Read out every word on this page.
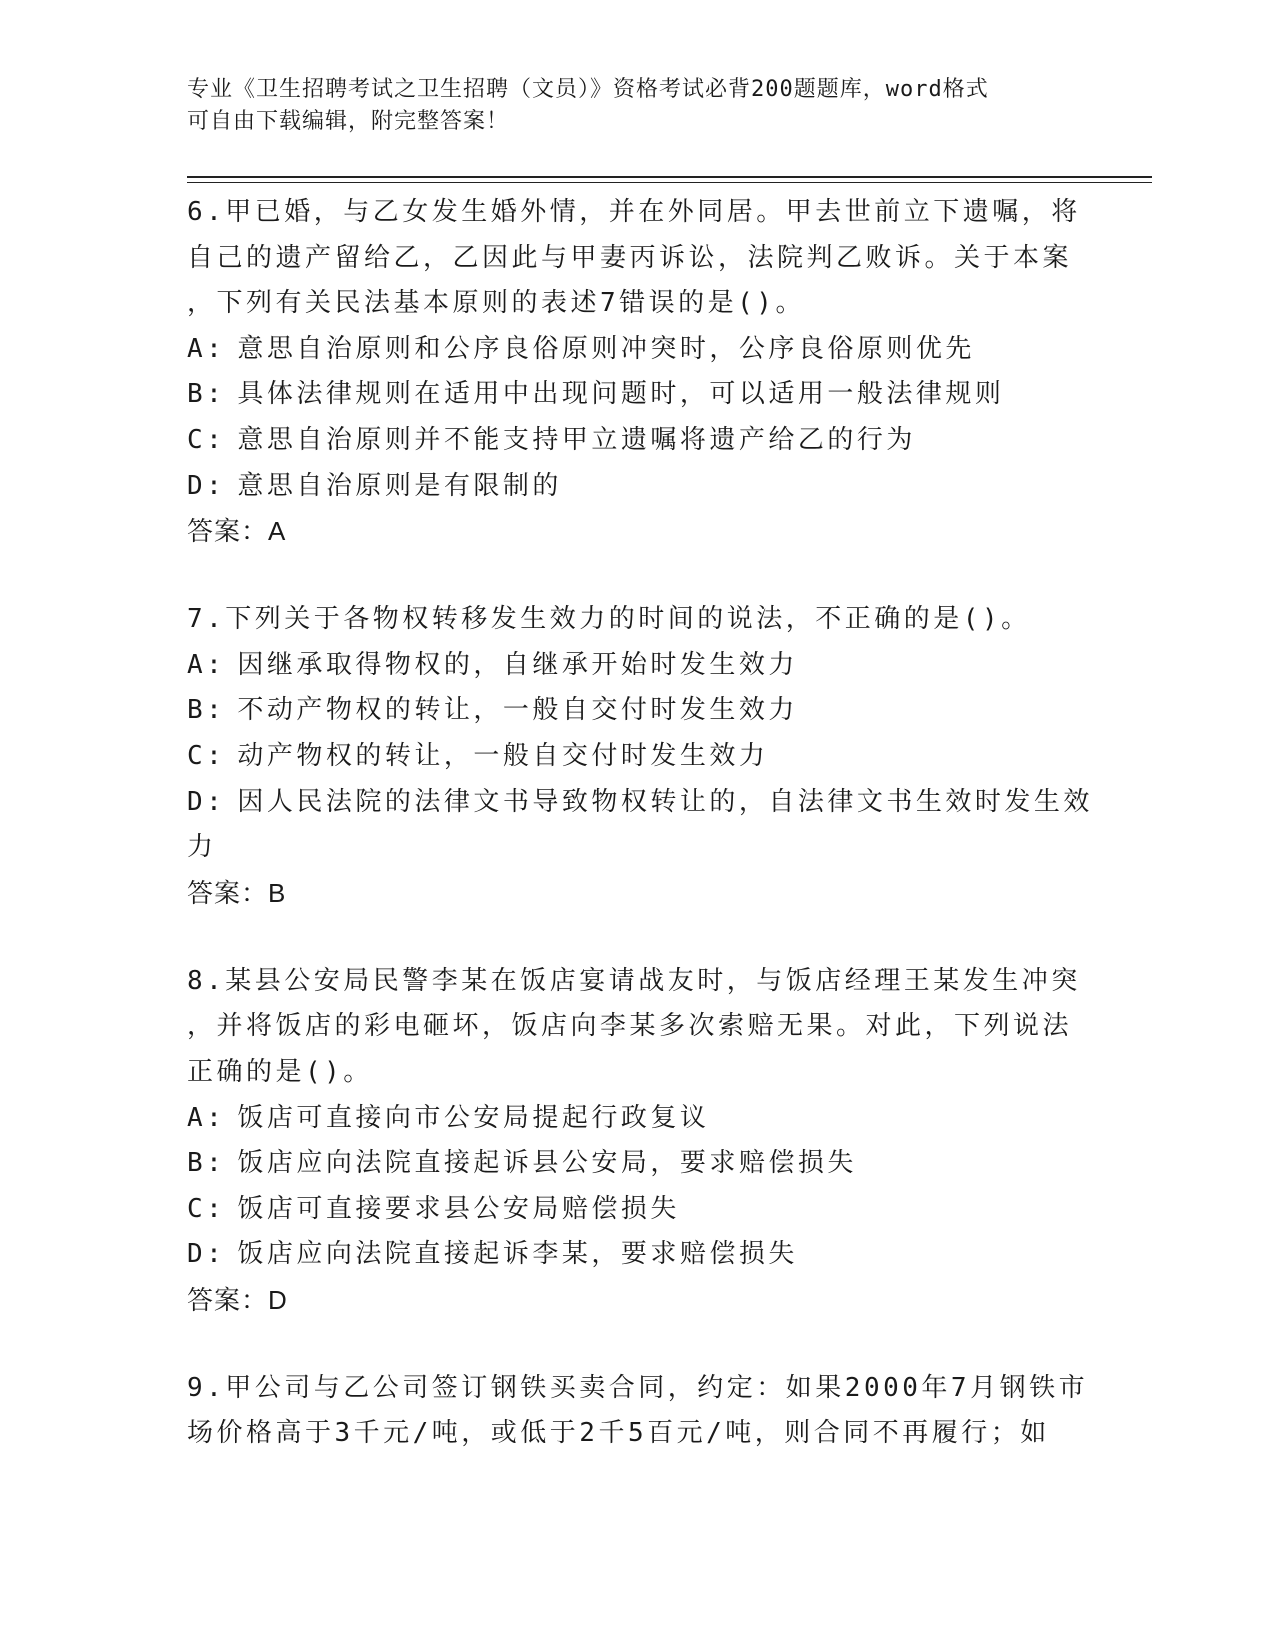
专业《卫生招聘考试之卫生招聘（文员）》资格考试必背200题题库，word格式
可自由下载编辑，附完整答案！
6.甲已婚，与乙女发生婚外情，并在外同居。甲去世前立下遗嘱，将
自己的遗产留给乙，乙因此与甲妻丙诉讼，法院判乙败诉。关于本案
，下列有关民法基本原则的表述7错误的是()。
A: 意思自治原则和公序良俗原则冲突时，公序良俗原则优先
B: 具体法律规则在适用中出现问题时，可以适用一般法律规则
C: 意思自治原则并不能支持甲立遗嘱将遗产给乙的行为
D: 意思自治原则是有限制的
答案：A
7.下列关于各物权转移发生效力的时间的说法，不正确的是()。
A: 因继承取得物权的，自继承开始时发生效力
B: 不动产物权的转让，一般自交付时发生效力
C: 动产物权的转让，一般自交付时发生效力
D: 因人民法院的法律文书导致物权转让的，自法律文书生效时发生效
力
答案：B
8.某县公安局民警李某在饭店宴请战友时，与饭店经理王某发生冲突
，并将饭店的彩电砸坏，饭店向李某多次索赔无果。对此，下列说法
正确的是()。
A: 饭店可直接向市公安局提起行政复议
B: 饭店应向法院直接起诉县公安局，要求赔偿损失
C: 饭店可直接要求县公安局赔偿损失
D: 饭店应向法院直接起诉李某，要求赔偿损失
答案：D
9.甲公司与乙公司签订钢铁买卖合同，约定：如果2000年7月钢铁市
场价格高于3千元/吨，或低于2千5百元/吨，则合同不再履行；如
